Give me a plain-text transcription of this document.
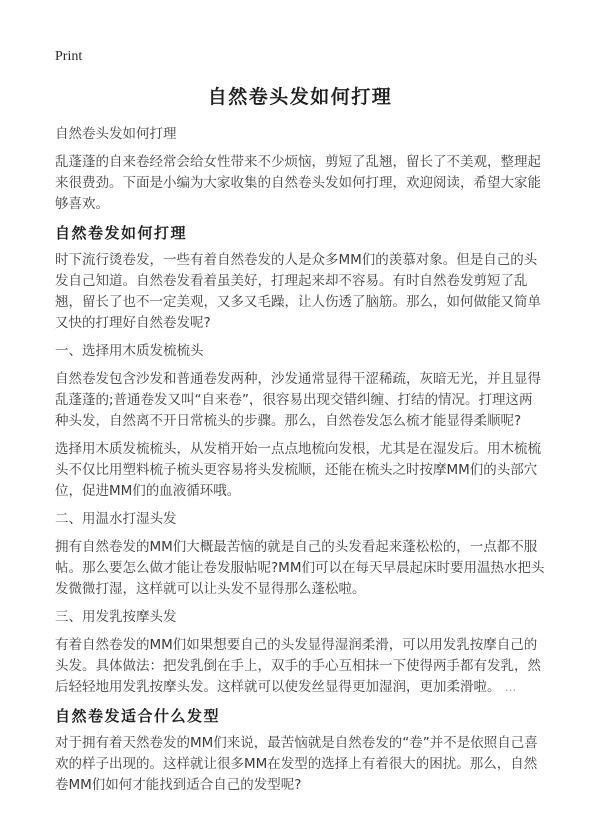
Print
自然卷头发如何打理
自然卷头发如何打理

乱蓬蓬的自来卷经常会给女性带来不少烦恼，剪短了乱翘，留长了不美观，整理起来很费劲。下面是小编为大家收集的自然卷头发如何打理，欢迎阅读，希望大家能够喜欢。

自然卷发如何打理

时下流行烫卷发，一些有着自然卷发的人是众多MM们的羡慕对象。但是自己的头发自己知道。自然卷发看着虽美好，打理起来却不容易。有时自然卷发剪短了乱翘，留长了也不一定美观，又多又毛躁，让人伤透了脑筋。那么，如何做能又简单又快的打理好自然卷发呢?

一、选择用木质发梳梳头

自然卷发包含沙发和普通卷发两种，沙发通常显得干涩稀疏，灰暗无光，并且显得乱蓬蓬的;普通卷发又叫“自来卷”，很容易出现交错纠缠、打结的情况。打理这两种头发，自然离不开日常梳头的步骤。那么，自然卷发怎么梳才能显得柔顺呢?

选择用木质发梳梳头，从发梢开始一点点地梳向发根，尤其是在湿发后。用木梳梳头不仅比用塑料梳子梳头更容易将头发梳顺，还能在梳头之时按摩MM们的头部穴位，促进MM们的血液循环哦。

二、用温水打湿头发

拥有自然卷发的MM们大概最苦恼的就是自己的头发看起来蓬松松的，一点都不服帖。那么要怎么做才能让卷发服帖呢?MM们可以在每天早晨起床时要用温热水把头发微微打湿，这样就可以让头发不显得那么蓬松啦。

三、用发乳按摩头发

有着自然卷发的MM们如果想要自己的头发显得湿润柔滑，可以用发乳按摩自己的头发。具体做法：把发乳倒在手上，双手的手心互相抹一下使得两手都有发乳，然后轻轻地用发乳按摩头发。这样就可以使发丝显得更加湿润，更加柔滑啦。 ...

自然卷发适合什么发型

对于拥有着天然卷发的MM们来说，最苦恼就是自然卷发的“卷”并不是依照自己喜欢的样子出现的。这样就让很多MM在发型的选择上有着很大的困扰。那么，自然卷MM们如何才能找到适合自己的发型呢?
